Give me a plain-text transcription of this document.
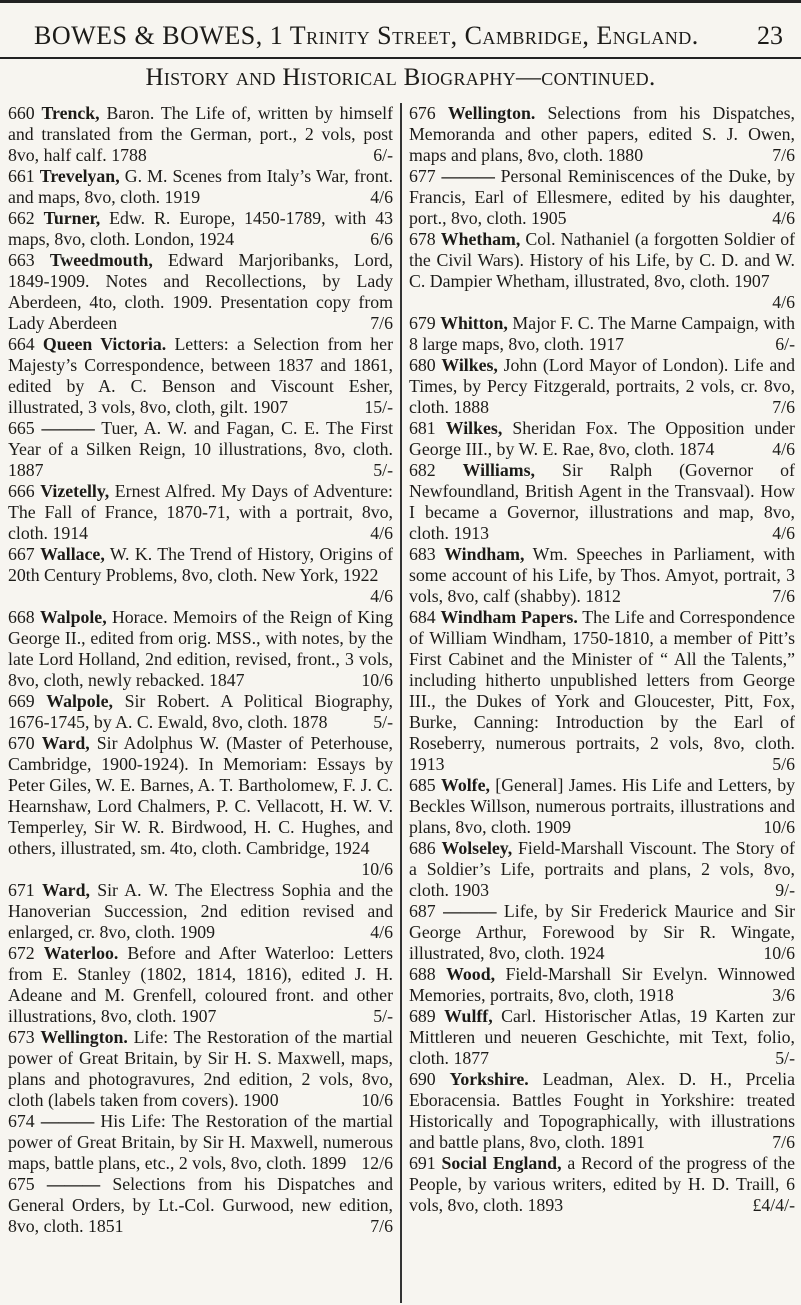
BOWES & BOWES, 1 Trinity Street, Cambridge, England. 23
History and Historical Biography—continued.
660 Trenck, Baron. The Life of, written by himself and translated from the German, port., 2 vols, post 8vo, half calf. 1788	6/-
661 Trevelyan, G. M. Scenes from Italy’s War, front. and maps, 8vo, cloth. 1919	4/6
662 Turner, Edw. R. Europe, 1450-1789, with 43 maps, 8vo, cloth. London, 1924	6/6
663 Tweedmouth, Edward Marjoribanks, Lord, 1849-1909. Notes and Recollections, by Lady Aberdeen, 4to, cloth. 1909. Presentation copy from Lady Aberdeen	7/6
664 Queen Victoria. Letters: a Selection from her Majesty’s Correspondence, between 1837 and 1861, edited by A. C. Benson and Viscount Esher, illustrated, 3 vols, 8vo, cloth, gilt. 1907	15/-
665 ——— Tuer, A. W. and Fagan, C. E. The First Year of a Silken Reign, 10 illustrations, 8vo, cloth. 1887	5/-
666 Vizetelly, Ernest Alfred. My Days of Adventure: The Fall of France, 1870-71, with a portrait, 8vo, cloth. 1914	4/6
667 Wallace, W. K. The Trend of History, Origins of 20th Century Problems, 8vo, cloth. New York, 1922
4/6
668 Walpole, Horace. Memoirs of the Reign of King George II., edited from orig. MSS., with notes, by the late Lord Holland, 2nd edition, revised, front., 3 vols, 8vo, cloth, newly rebacked. 1847	10/6
669 Walpole, Sir Robert. A Political Biography, 1676-1745, by A. C. Ewald, 8vo, cloth. 1878	5/-
670 Ward, Sir Adolphus W. (Master of Peterhouse, Cambridge, 1900-1924). In Memoriam: Essays by Peter Giles, W. E. Barnes, A. T. Bartholomew, F. J. C. Hearnshaw, Lord Chalmers, P. C. Vellacott, H. W. V. Temperley, Sir W. R. Birdwood, H. C. Hughes, and others, illustrated, sm. 4to, cloth. Cambridge, 1924
10/6
671 Ward, Sir A. W. The Electress Sophia and the Hanoverian Succession, 2nd edition revised and enlarged, cr. 8vo, cloth. 1909	4/6
672 Waterloo. Before and After Waterloo: Letters from E. Stanley (1802, 1814, 1816), edited J. H. Adeane and M. Grenfell, coloured front. and other illustrations, 8vo, cloth. 1907	5/-
673 Wellington. Life: The Restoration of the martial power of Great Britain, by Sir H. S. Maxwell, maps, plans and photogravures, 2nd edition, 2 vols, 8vo, cloth (labels taken from covers). 1900	10/6
674 ——— His Life: The Restoration of the martial power of Great Britain, by Sir H. Maxwell, numerous maps, battle plans, etc., 2 vols, 8vo, cloth. 1899 12/6
675 ——— Selections from his Dispatches and General Orders, by Lt.-Col. Gurwood, new edition, 8vo, cloth. 1851	7/6
676 Wellington. Selections from his Dispatches, Memoranda and other papers, edited S. J. Owen, maps and plans, 8vo, cloth. 1880	7/6
677 ——— Personal Reminiscences of the Duke, by Francis, Earl of Ellesmere, edited by his daughter, port., 8vo, cloth. 1905	4/6
678 Whetham, Col. Nathaniel (a forgotten Soldier of the Civil Wars). History of his Life, by C. D. and W. C. Dampier Whetham, illustrated, 8vo, cloth. 1907
4/6
679 Whitton, Major F. C. The Marne Campaign, with 8 large maps, 8vo, cloth. 1917	6/-
680 Wilkes, John (Lord Mayor of London). Life and Times, by Percy Fitzgerald, portraits, 2 vols, cr. 8vo, cloth. 1888	7/6
681 Wilkes, Sheridan Fox. The Opposition under George III., by W. E. Rae, 8vo, cloth. 1874	4/6
682 Williams, Sir Ralph (Governor of Newfoundland, British Agent in the Transvaal). How I became a Governor, illustrations and map, 8vo, cloth. 1913	4/6
683 Windham, Wm. Speeches in Parliament, with some account of his Life, by Thos. Amyot, portrait, 3 vols, 8vo, calf (shabby). 1812	7/6
684 Windham Papers. The Life and Correspondence of William Windham, 1750-1810, a member of Pitt’s First Cabinet and the Minister of “ All the Talents,” including hitherto unpublished letters from George III., the Dukes of York and Gloucester, Pitt, Fox, Burke, Canning: Introduction by the Earl of Roseberry, numerous portraits, 2 vols, 8vo, cloth. 1913	5/6
685 Wolfe, [General] James. His Life and Letters, by Beckles Willson, numerous portraits, illustrations and plans, 8vo, cloth. 1909	10/6
686 Wolseley, Field-Marshall Viscount. The Story of a Soldier’s Life, portraits and plans, 2 vols, 8vo, cloth. 1903	9/-
687 ——— Life, by Sir Frederick Maurice and Sir George Arthur, Forewood by Sir R. Wingate, illustrated, 8vo, cloth. 1924	10/6
688 Wood, Field-Marshall Sir Evelyn. Winnowed Memories, portraits, 8vo, cloth, 1918	3/6
689 Wulff, Carl. Historischer Atlas, 19 Karten zur Mittleren und neueren Geschichte, mit Text, folio, cloth. 1877	5/-
690 Yorkshire. Leadman, Alex. D. H., Prcelia Eboracensia. Battles Fought in Yorkshire: treated Historically and Topographically, with illustrations and battle plans, 8vo, cloth. 1891	7/6
691 Social England, a Record of the progress of the People, by various writers, edited by H. D. Traill, 6 vols, 8vo, cloth. 1893	£4/4/-
